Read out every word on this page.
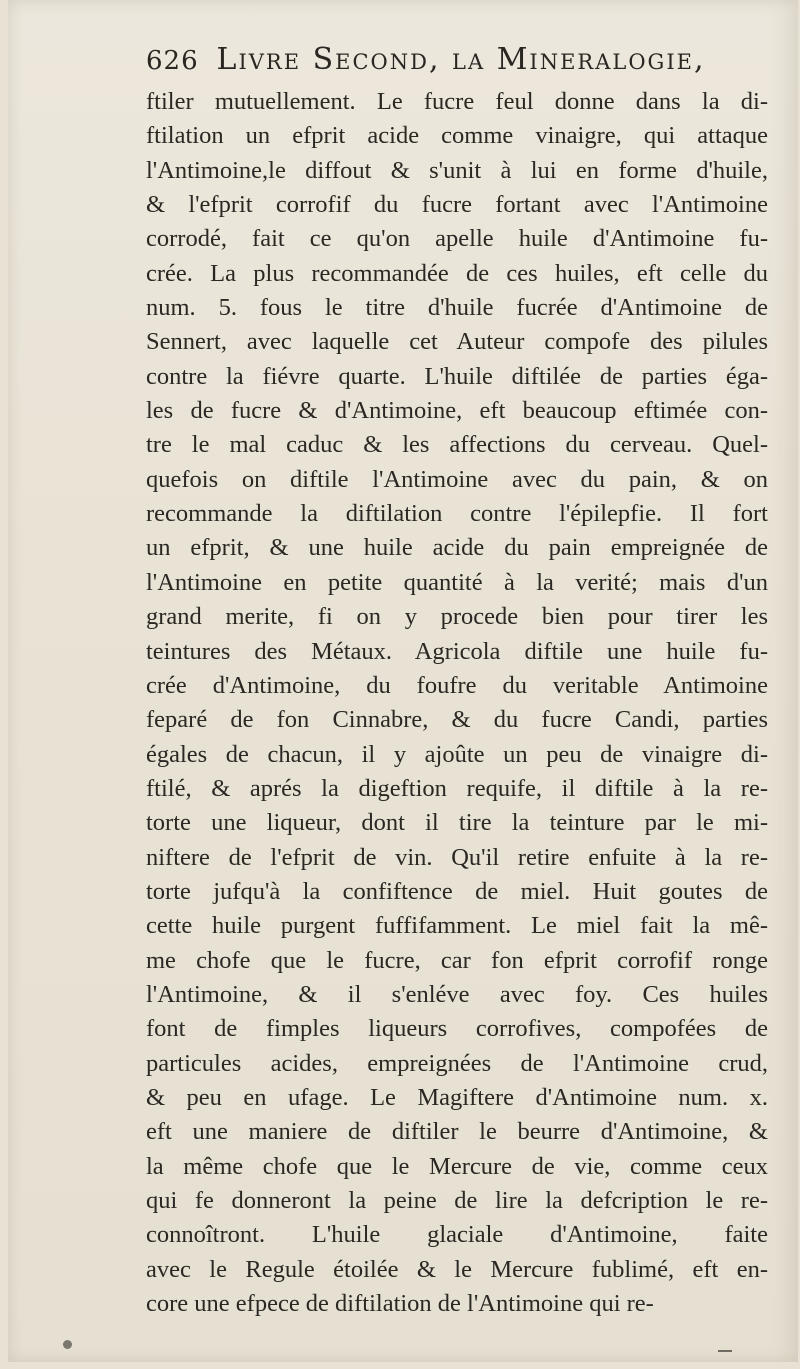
626 Livre Second, la Mineralogie,
ftiler mutuellement. Le fucre feul donne dans la di-
ftilation un efprit acide comme vinaigre, qui attaque
l'Antimoine,le diffout & s'unit à lui en forme d'huile,
& l'efprit corrofif du fucre fortant avec l'Antimoine
corrodé, fait ce qu'on apelle huile d'Antimoine fu-
crée. La plus recommandée de ces huiles, eft celle du
num. 5. fous le titre d'huile fucrée d'Antimoine de
Sennert, avec laquelle cet Auteur compofe des pilules
contre la fiévre quarte. L'huile diftilée de parties éga-
les de fucre & d'Antimoine, eft beaucoup eftimée con-
tre le mal caduc & les affections du cerveau. Quel-
quefois on diftile l'Antimoine avec du pain, & on
recommande la diftilation contre l'épilepfie. Il fort
un efprit, & une huile acide du pain empreignée de
l'Antimoine en petite quantité à la verité; mais d'un
grand merite, fi on y procede bien pour tirer les
teintures des Métaux. Agricola diftile une huile fu-
crée d'Antimoine, du foufre du veritable Antimoine
feparé de fon Cinnabre, & du fucre Candi, parties
égales de chacun, il y ajoûte un peu de vinaigre di-
ftilé, & aprés la digeftion requife, il diftile à la re-
torte une liqueur, dont il tire la teinture par le mi-
niftere de l'efprit de vin. Qu'il retire enfuite à la re-
torte jufqu'à la confiftence de miel. Huit goutes de
cette huile purgent fuffifamment. Le miel fait la mê-
me chofe que le fucre, car fon efprit corrofif ronge
l'Antimoine, & il s'enléve avec foy. Ces huiles
font de fimples liqueurs corrofives, compofées de
particules acides, empreignées de l'Antimoine crud,
& peu en ufage. Le Magiftere d'Antimoine num. x.
eft une maniere de diftiler le beurre d'Antimoine, &
la même chofe que le Mercure de vie, comme ceux
qui fe donneront la peine de lire la defcription le re-
connoîtront. L'huile glaciale d'Antimoine, faite
avec le Regule étoilée & le Mercure fublimé, eft en-
core une efpece de diftilation de l'Antimoine qui re-
